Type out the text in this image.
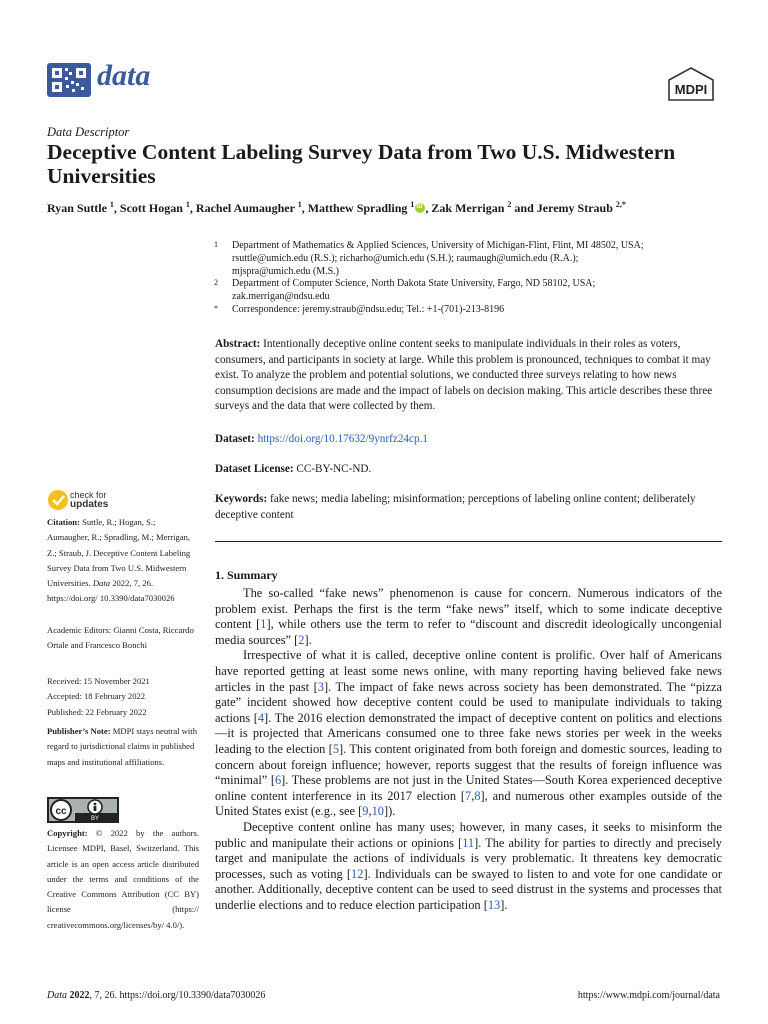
data	MDPI
Data Descriptor
Deceptive Content Labeling Survey Data from Two U.S. Midwestern Universities
Ryan Suttle $^1$, Scott Hogan $^1$, Rachel Aumaugher $^1$, Matthew Spradling $^1$iD , Zak Merrigan $^2$ and Jeremy Straub $^{2,*}$
1 Department of Mathematics & Applied Sciences, University of Michigan-Flint, Flint, MI 48502, USA;
rsuttle@umich.edu (R.S.); richarho@umich.edu (S.H.); raumaugh@umich.edu (R.A.);
mjspra@umich.edu (M.S.)
2 Department of Computer Science, North Dakota State University, Fargo, ND 58102, USA;
zak.merrigan@ndsu.edu
* Correspondence: jeremy.straub@ndsu.edu; Tel.: +1-(701)-213-8196
Abstract: Intentionally deceptive online content seeks to manipulate individuals in their roles as voters, consumers, and participants in society at large. While this problem is pronounced, techniques to combat it may exist. To analyze the problem and potential solutions, we conducted three surveys relating to how news consumption decisions are made and the impact of labels on decision making. This article describes these three surveys and the data that were collected by them.
Dataset: https://doi.org/10.17632/9ynrfz24cp.1
Dataset License: CC-BY-NC-ND.
Keywords: fake news; media labeling; misinformation; perceptions of labeling online content; deliberately deceptive content
1. Summary

The so-called “fake news” phenomenon is cause for concern. Numerous indicators of the problem exist. Perhaps the first is the term “fake news” itself, which to some indicate deceptive content [1], while others use the term to refer to “discount and discredit ideologically uncongenial media sources” [2].

Irrespective of what it is called, deceptive online content is prolific. Over half of Americans have reported getting at least some news online, with many reporting having believed fake news articles in the past [3]. The impact of fake news across society has been demonstrated. The “pizza gate” incident showed how deceptive content could be used to manipulate individuals to taking actions [4]. The 2016 election demonstrated the impact of deceptive content on politics and elections—it is projected that Americans consumed one to three fake news stories per week in the weeks leading to the election [5]. This content originated from both foreign and domestic sources, leading to concern about foreign influence; however, reports suggest that the results of foreign influence was “minimal” [6]. These problems are not just in the United States—South Korea experienced deceptive online content interference in its 2017 election [7,8], and numerous other examples outside of the United States exist (e.g., see [9,10]).

Deceptive content online has many uses; however, in many cases, it seeks to misinform the public and manipulate their actions or opinions [11]. The ability for parties to directly and precisely target and manipulate the actions of individuals is very problematic. It threatens key democratic processes, such as voting [12]. Individuals can be swayed to listen to and vote for one candidate or another. Additionally, deceptive content can be used to seed distrust in the systems and processes that underlie elections and to reduce election participation [13].

check for
updates
Citation: Suttle, R.; Hogan, S.; Aumaugher, R.; Spradling, M.; Merrigan, Z.; Straub, J. Deceptive Content Labeling Survey Data from Two U.S. Midwestern Universities. Data 2022, 7, 26. https://doi.org/ 10.3390/data7030026
Academic Editors: Gianni Costa, Riccardo Ortale and Francesco Bonchi
Received: 15 November 2021
Accepted: 18 February 2022
Published: 22 February 2022
Publisher’s Note: MDPI stays neutral with regard to jurisdictional claims in published maps and institutional affiliations.
cc
BY
Copyright: © 2022 by the authors. Licensee MDPI, Basel, Switzerland. This article is an open access article distributed under the terms and conditions of the Creative Commons Attribution (CC BY) license (https:// creativecommons.org/licenses/by/ 4.0/).
Data 2022, 7, 26. https://doi.org/10.3390/data7030026	https://www.mdpi.com/journal/data
